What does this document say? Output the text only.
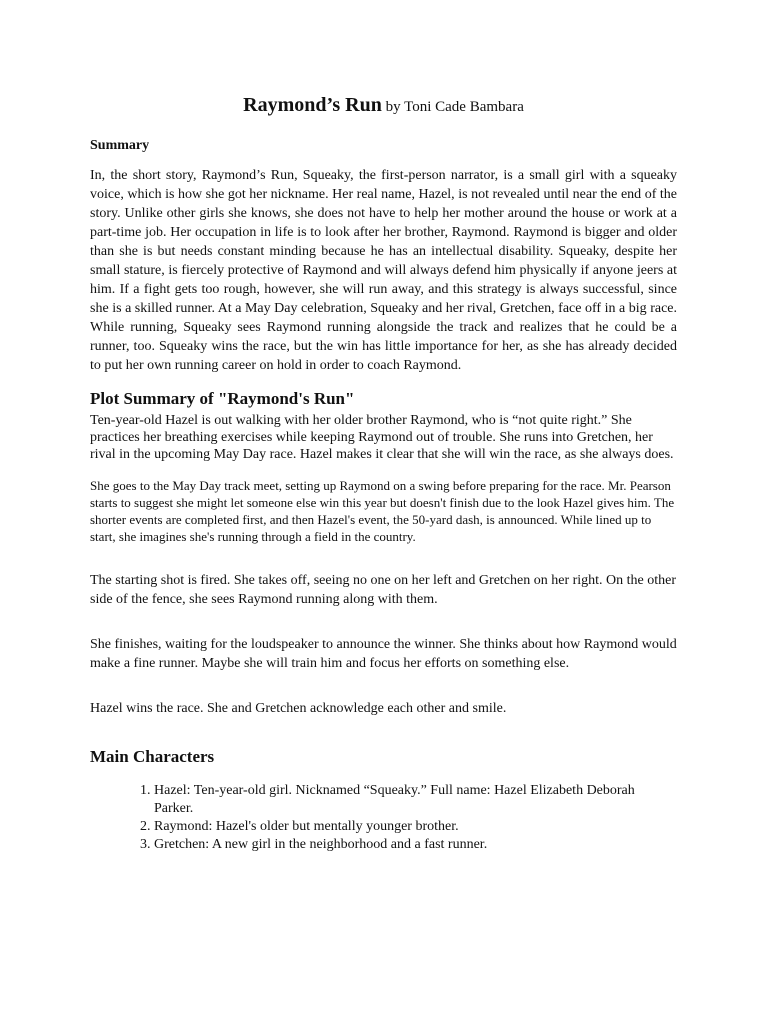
Raymond’s Run by Toni Cade Bambara
Summary

In, the short story, Raymond’s Run, Squeaky, the first-person narrator, is a small girl with a squeaky voice, which is how she got her nickname. Her real name, Hazel, is not revealed until near the end of the story. Unlike other girls she knows, she does not have to help her mother around the house or work at a part-time job. Her occupation in life is to look after her brother, Raymond. Raymond is bigger and older than she is but needs constant minding because he has an intellectual disability. Squeaky, despite her small stature, is fiercely protective of Raymond and will always defend him physically if anyone jeers at him. If a fight gets too rough, however, she will run away, and this strategy is always successful, since she is a skilled runner. At a May Day celebration, Squeaky and her rival, Gretchen, face off in a big race. While running, Squeaky sees Raymond running alongside the track and realizes that he could be a runner, too. Squeaky wins the race, but the win has little importance for her, as she has already decided to put her own running career on hold in order to coach Raymond.

Plot Summary of "Raymond's Run"

Ten-year-old Hazel is out walking with her older brother Raymond, who is “not quite right.” She practices her breathing exercises while keeping Raymond out of trouble. She runs into Gretchen, her rival in the upcoming May Day race. Hazel makes it clear that she will win the race, as she always does.

She goes to the May Day track meet, setting up Raymond on a swing before preparing for the race. Mr. Pearson starts to suggest she might let someone else win this year but doesn't finish due to the look Hazel gives him. The shorter events are completed first, and then Hazel's event, the 50-yard dash, is announced. While lined up to start, she imagines she's running through a field in the country.

The starting shot is fired. She takes off, seeing no one on her left and Gretchen on her right. On the other side of the fence, she sees Raymond running along with them.

She finishes, waiting for the loudspeaker to announce the winner. She thinks about how Raymond would make a fine runner. Maybe she will train him and focus her efforts on something else.

Hazel wins the race. She and Gretchen acknowledge each other and smile.

Main Characters
1. Hazel: Ten-year-old girl. Nicknamed “Squeaky.” Full name: Hazel Elizabeth Deborah Parker.
2. Raymond: Hazel's older but mentally younger brother.
3. Gretchen: A new girl in the neighborhood and a fast runner.
